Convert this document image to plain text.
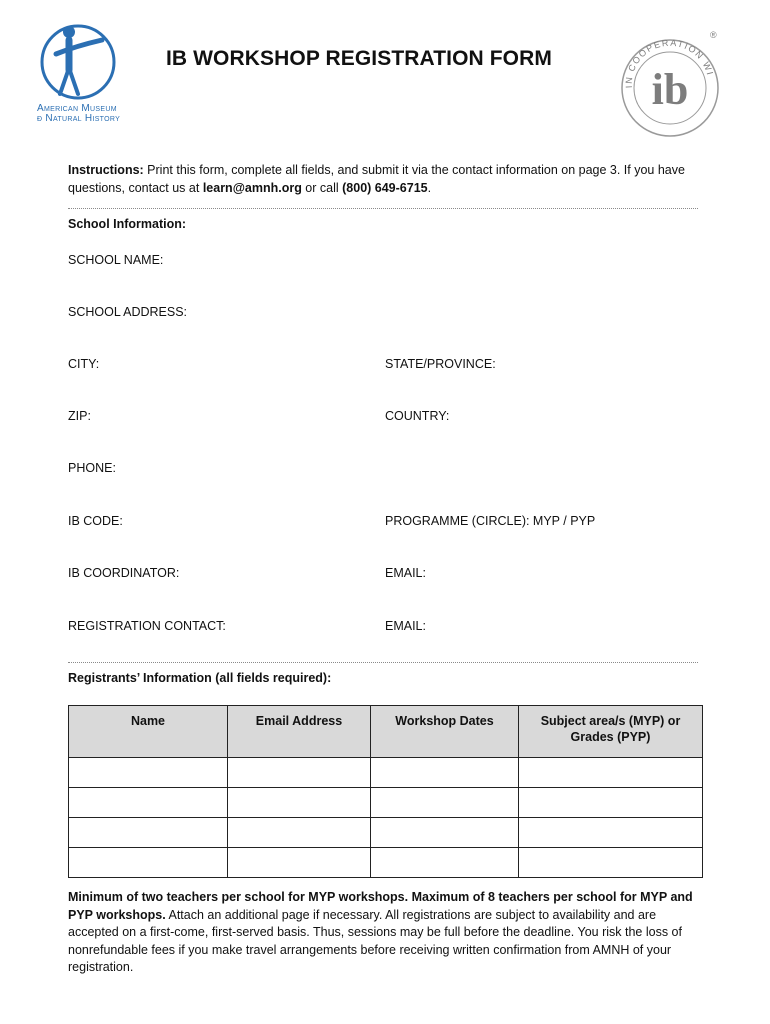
American Museum
ð Natural History
IB WORKSHOP REGISTRATION FORM
IN COOPERATION WI
ib
®
Instructions: Print this form, complete all fields, and submit it via the contact information on page 3. If you have questions, contact us at learn@amnh.org or call (800) 649-6715.
School Information:
SCHOOL NAME:
SCHOOL ADDRESS:
CITY:	STATE/PROVINCE:
ZIP:	COUNTRY:
PHONE:
IB CODE:	PROGRAMME (CIRCLE): MYP / PYP
IB COORDINATOR:	EMAIL:
REGISTRATION CONTACT:	EMAIL:
Registrants’ Information (all fields required):
Name	Email Address	Workshop Dates	Subject area/s (MYP) or Grades (PYP)

Minimum of two teachers per school for MYP workshops. Maximum of 8 teachers per school for MYP and PYP workshops. Attach an additional page if necessary. All registrations are subject to availability and are accepted on a first-come, first-served basis. Thus, sessions may be full before the deadline. You risk the loss of nonrefundable fees if you make travel arrangements before receiving written confirmation from AMNH of your registration.
